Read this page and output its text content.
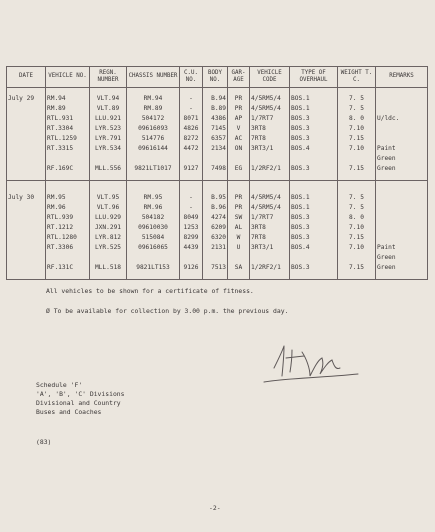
DATE	VEHICLE NO.	REGN. NUMBER	CHASSIS NUMBER	C.U. NO.	BODY NO.	GAR- AGE	VEHICLE CODE	TYPE OF OVERHAUL	WEIGHT T. C.	REMARKS

July 29	RM.94	VLT.94	RM.94	-	B.94	PR	4/5RM5/4	BOS.1	7. 5	
	RM.89	VLT.89	RM.89	-	B.89	PR	4/5RM5/4	BOS.1	7. 5	
	RTL.931	LLU.921	504172	8071	4386	AP	1/7RT7	BOS.3	8. 0	U/ldc.
	RT.3304	LYR.523	09616093	4826	7145	V	3RT8	BOS.3	7.10	
	RTL.1259	LYR.791	514776	8272	6357	AC	7RT8	BOS.3	7.15	
	RT.3315	LYR.534	09616144	4472	2134	ON	3RT3/1	BOS.4	7.10	Paint
										Green
	RF.169C	MLL.556	9821LT1017	9127	7498	EG	1/2RF2/1	BOS.3	7.15	Green

July 30	RM.95	VLT.95	RM.95	-	B.95	PR	4/5RM5/4	BOS.1	7. 5	
	RM.96	VLT.96	RM.96	-	B.96	PR	4/5RM5/4	BOS.1	7. 5	
	RTL.939	LLU.929	504182	8049	4274	SW	1/7RT7	BOS.3	8. 0	
	RT.1212	JXN.291	09610030	1253	6209	AL	3RT8	BOS.3	7.10	
	RTL.1280	LYR.812	515084	8299	6320	W	7RT8	BOS.3	7.15	
	RT.3306	LYR.525	09616065	4439	2131	U	3RT3/1	BOS.4	7.10	Paint
										Green
	RF.131C	MLL.518	9821LT153	9126	7513	SA	1/2RF2/1	BOS.3	7.15	Green

All vehicles to be shown for a certificate of fitness.
Ø To be available for collection by 3.00 p.m. the previous day.
Schedule 'F'
'A', 'B', 'C' Divisions
Divisional and Country
Buses and Coaches
(83)
-2-
